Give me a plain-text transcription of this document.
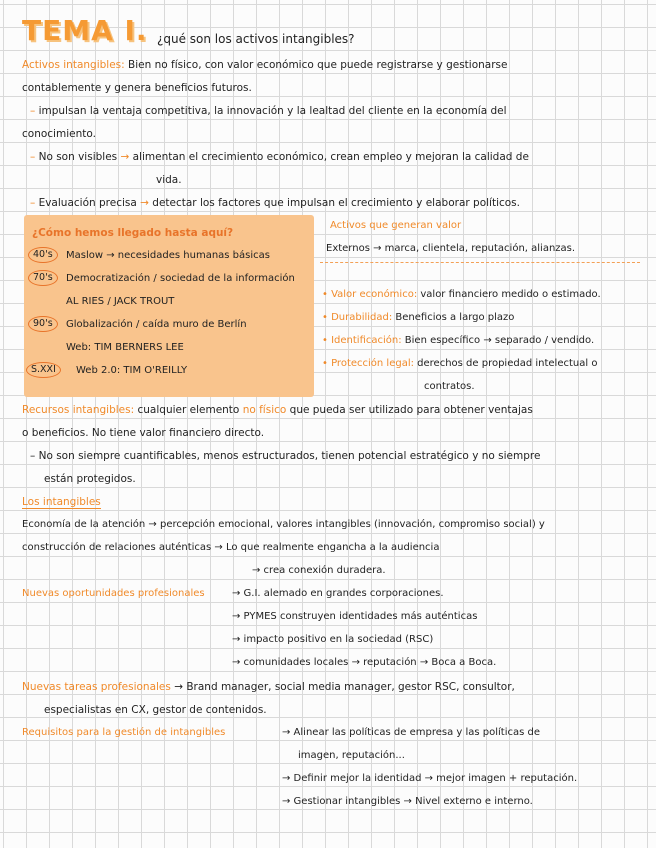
TEMA I. ¿qué son los activos intangibles?
Activos intangibles: Bien no físico, con valor económico que puede registrarse y gestionarse
contablemente y genera beneficios futuros.
– impulsan la ventaja competitiva, la innovación y la lealtad del cliente en la economía del
conocimiento.
– No son visibles → alimentan el crecimiento económico, crean empleo y mejoran la calidad de
vida.
– Evaluación precisa → detectar los factores que impulsan el crecimiento y elaborar políticos.
¿Cómo hemos llegado hasta aquí?
40's	Maslow → necesidades humanas básicas
70's	Democratización / sociedad de la información
AL RIES / JACK TROUT
90's	Globalización / caída muro de Berlín
Web: TIM BERNERS LEE
S.XXI	Web 2.0: TIM O'REILLY
Activos que generan valor
Externos → marca, clientela, reputación, alianzas.
• Valor económico: valor financiero medido o estimado.
• Durabilidad: Beneficios a largo plazo
• Identificación: Bien específico → separado / vendido.
• Protección legal: derechos de propiedad intelectual o
contratos.
Recursos intangibles: cualquier elemento no físico que pueda ser utilizado para obtener ventajas
o beneficios. No tiene valor financiero directo.
– No son siempre cuantificables, menos estructurados, tienen potencial estratégico y no siempre
están protegidos.
Los intangibles
Economía de la atención → percepción emocional, valores intangibles (innovación, compromiso social) y
construcción de relaciones auténticas → Lo que realmente engancha a la audiencia
→ crea conexión duradera.
Nuevas oportunidades profesionales	→ G.I. alemado en grandes corporaciones.
→ PYMES construyen identidades más auténticas
→ impacto positivo en la sociedad (RSC)
→ comunidades locales → reputación → Boca a Boca.
Nuevas tareas profesionales → Brand manager, social media manager, gestor RSC, consultor,
especialistas en CX, gestor de contenidos.
Requisitos para la gestión de intangibles	→ Alinear las políticas de empresa y las políticas de
imagen, reputación...
→ Definir mejor la identidad → mejor imagen + reputación.
→ Gestionar intangibles → Nivel externo e interno.
